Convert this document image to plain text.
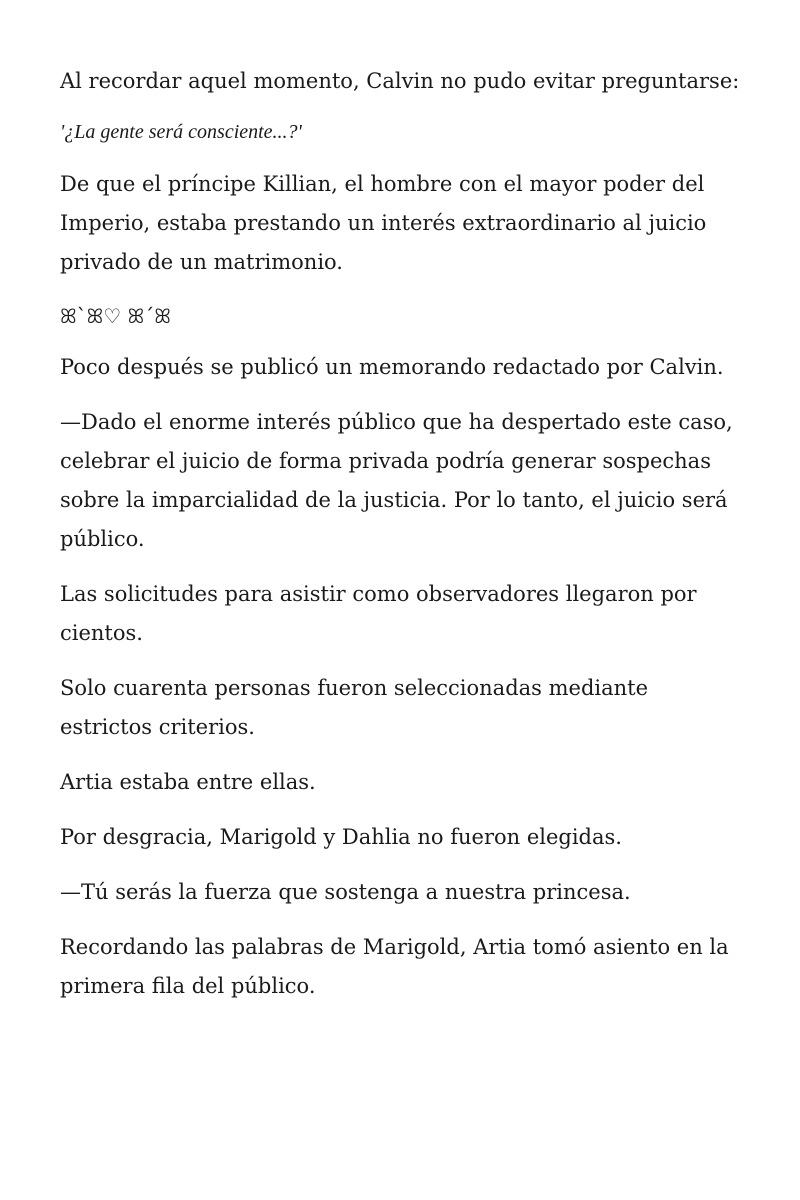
Al recordar aquel momento, Calvin no pudo evitar preguntarse:

'¿La gente será consciente...?'

De que el príncipe Killian, el hombre con el mayor poder del Imperio, estaba prestando un interés extraordinario al juicio privado de un matrimonio.

ꕤ`ꕤ♡ ꕤ´ꕤ

Poco después se publicó un memorando redactado por Calvin.

—Dado el enorme interés público que ha despertado este caso, celebrar el juicio de forma privada podría generar sospechas sobre la imparcialidad de la justicia. Por lo tanto, el juicio será público.

Las solicitudes para asistir como observadores llegaron por cientos.

Solo cuarenta personas fueron seleccionadas mediante estrictos criterios.

Artia estaba entre ellas.

Por desgracia, Marigold y Dahlia no fueron elegidas.

—Tú serás la fuerza que sostenga a nuestra princesa.

Recordando las palabras de Marigold, Artia tomó asiento en la primera fila del público.
